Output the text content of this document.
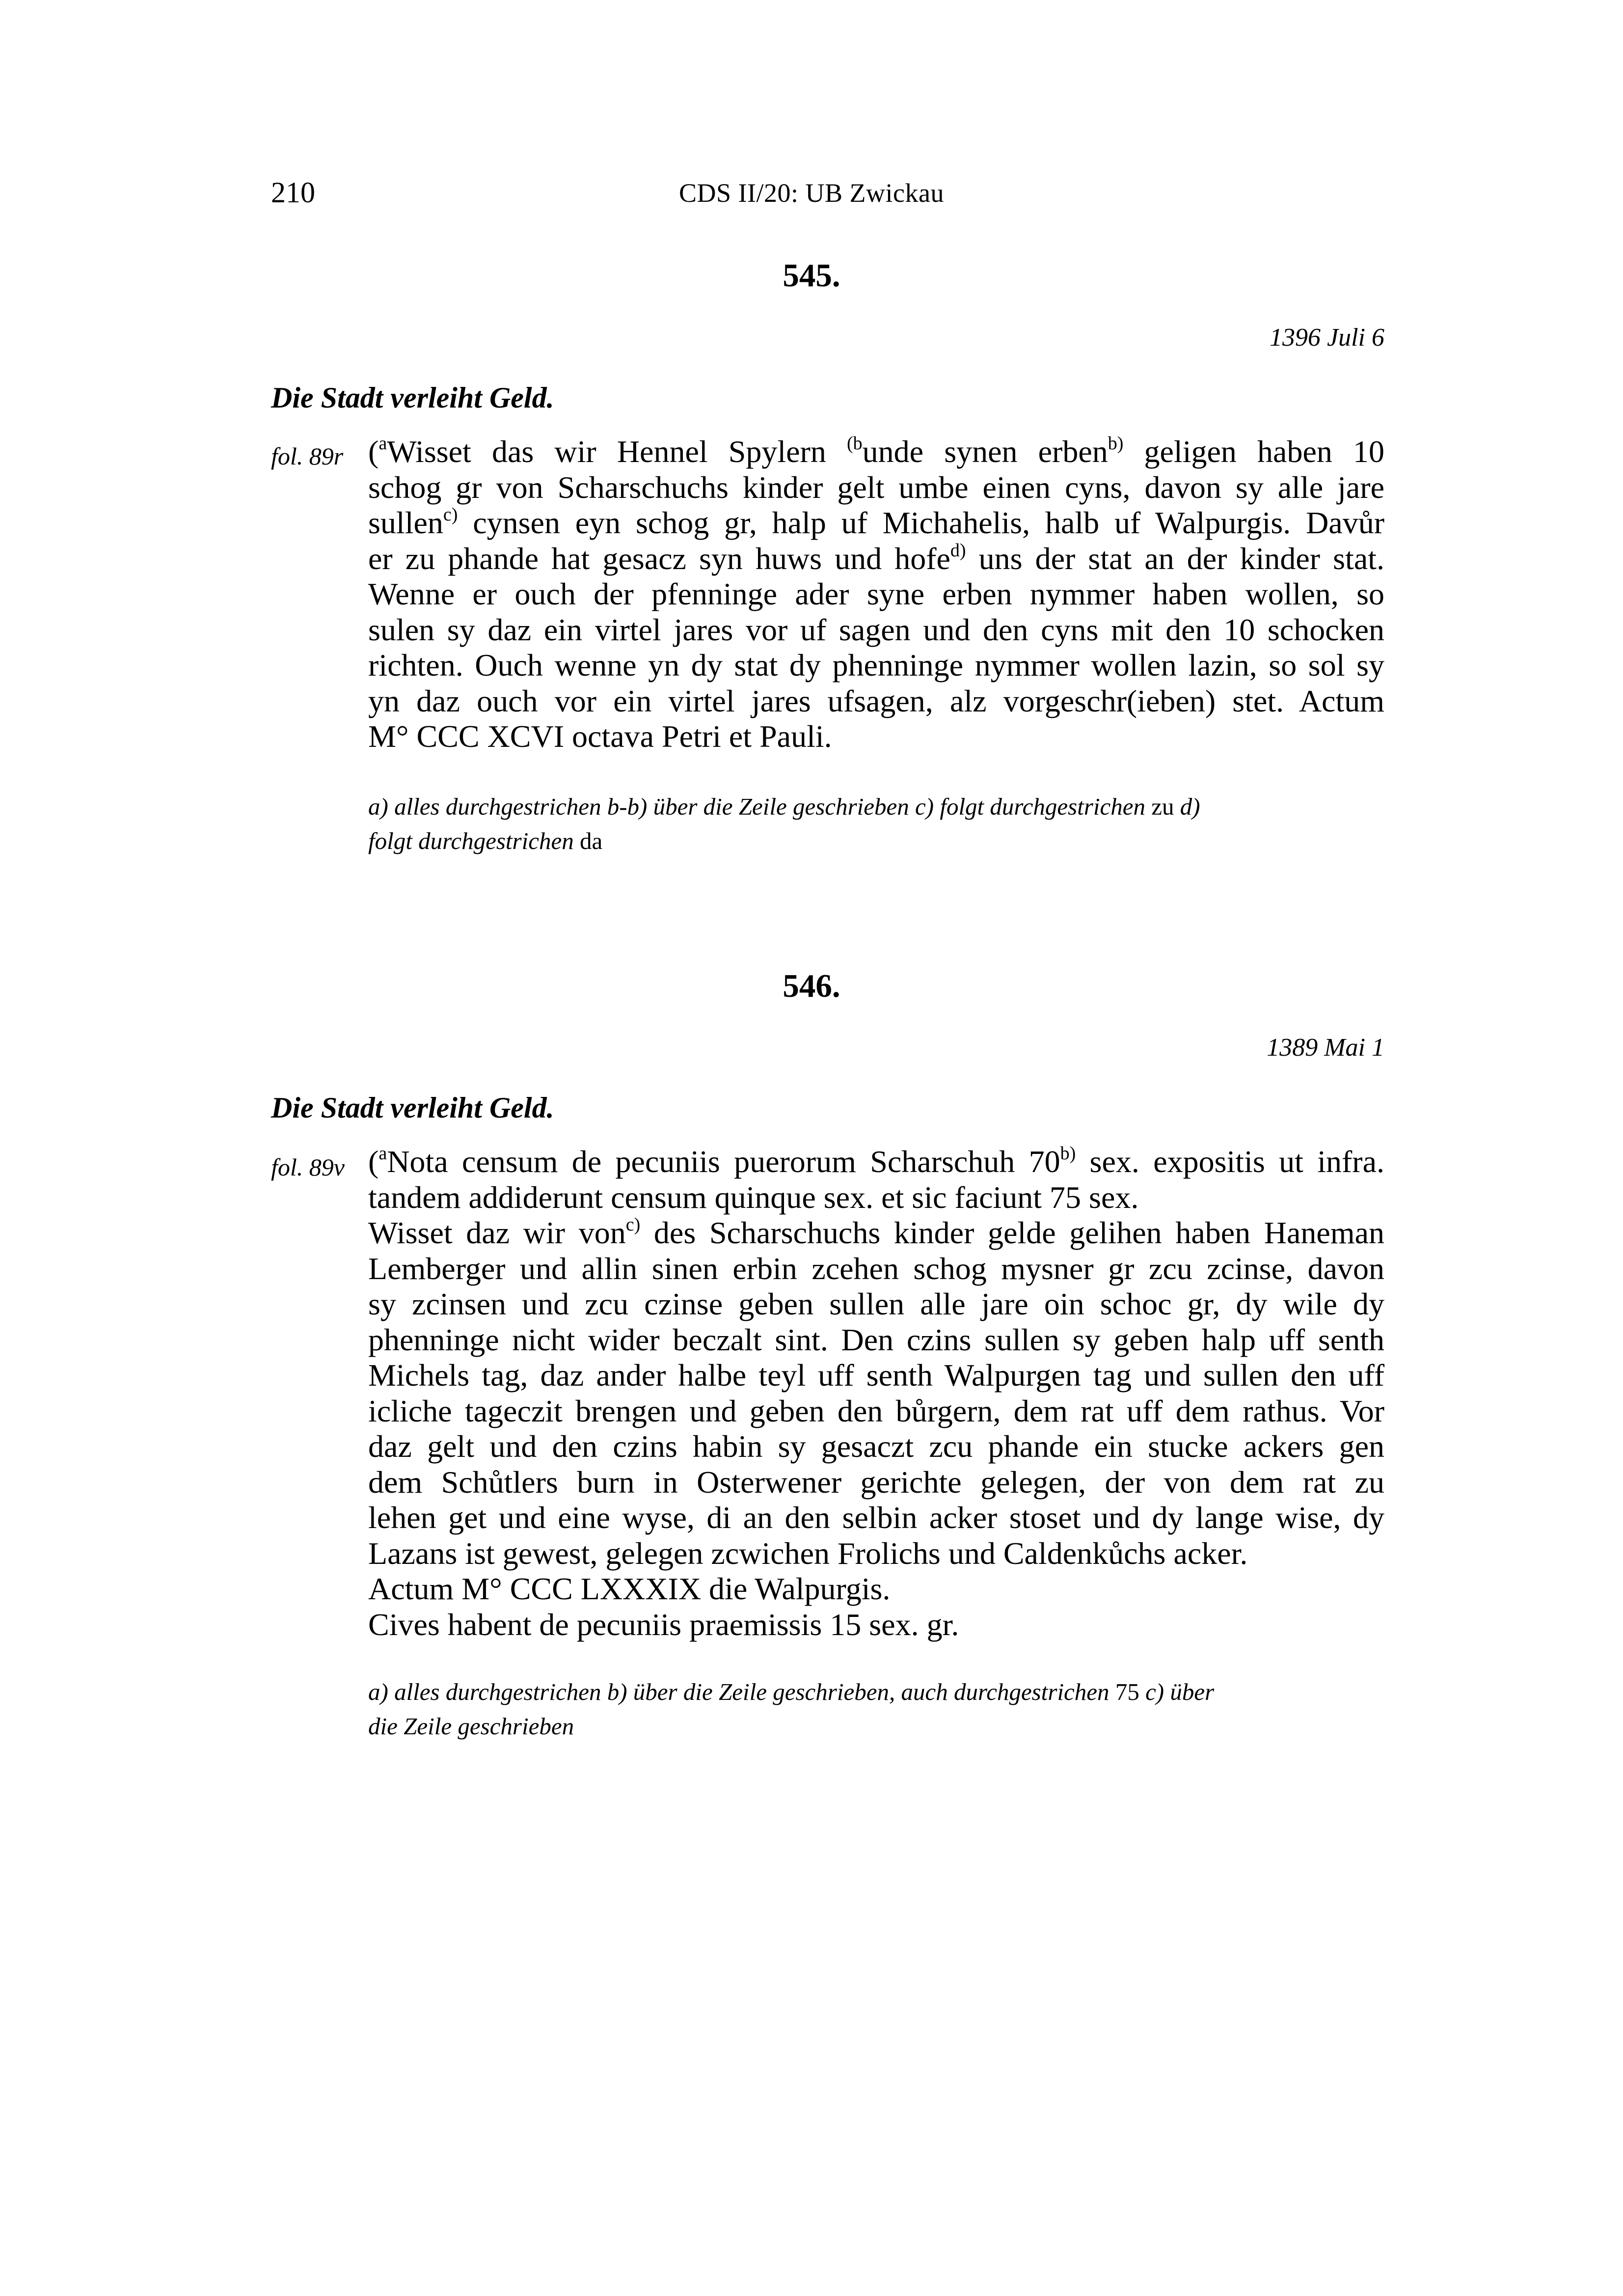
210	CDS II/20: UB Zwickau
545.
1396 Juli 6
Die Stadt verleiht Geld.
fol. 89r ($^a$Wisset das wir Hennel Spylern $^{(b}$unde synen erben$^{b)}$ geligen haben 10
schog gr von Scharschuchs kinder gelt umbe einen cyns, davon sy alle jare
sullen$^{c)}$ cynsen eyn schog gr, halp uf Michahelis, halb uf Walpurgis. Davůr
er zu phande hat gesacz syn huws und hofe$^{d)}$ uns der stat an der kinder stat.
Wenne er ouch der pfenninge ader syne erben nymmer haben wollen, so
sulen sy daz ein virtel jares vor uf sagen und den cyns mit den 10 schocken
richten. Ouch wenne yn dy stat dy phenninge nymmer wollen lazin, so sol sy
yn daz ouch vor ein virtel jares ufsagen, alz vorgeschr(ieben) stet. Actum
M° CCC XCVI octava Petri et Pauli.
a) alles durchgestrichen b-b) über die Zeile geschrieben c) folgt durchgestrichen zu d)
folgt durchgestrichen da
546.
1389 Mai 1
Die Stadt verleiht Geld.
fol. 89v ($^a$Nota censum de pecuniis puerorum Scharschuh 70$^{b)}$ sex. expositis ut infra.
tandem addiderunt censum quinque sex. et sic faciunt 75 sex.
Wisset daz wir von$^{c)}$ des Scharschuchs kinder gelde gelihen haben Haneman
Lemberger und allin sinen erbin zcehen schog mysner gr zcu zcinse, davon
sy zcinsen und zcu czinse geben sullen alle jare oin schoc gr, dy wile dy
phenninge nicht wider beczalt sint. Den czins sullen sy geben halp uff senth
Michels tag, daz ander halbe teyl uff senth Walpurgen tag und sullen den uff
icliche tageczit brengen und geben den bůrgern, dem rat uff dem rathus. Vor
daz gelt und den czins habin sy gesaczt zcu phande ein stucke ackers gen
dem Schůtlers burn in Osterwener gerichte gelegen, der von dem rat zu
lehen get und eine wyse, di an den selbin acker stoset und dy lange wise, dy
Lazans ist gewest, gelegen zcwichen Frolichs und Caldenkůchs acker.
Actum M° CCC LXXXIX die Walpurgis.
Cives habent de pecuniis praemissis 15 sex. gr.
a) alles durchgestrichen b) über die Zeile geschrieben, auch durchgestrichen 75 c) über
die Zeile geschrieben
